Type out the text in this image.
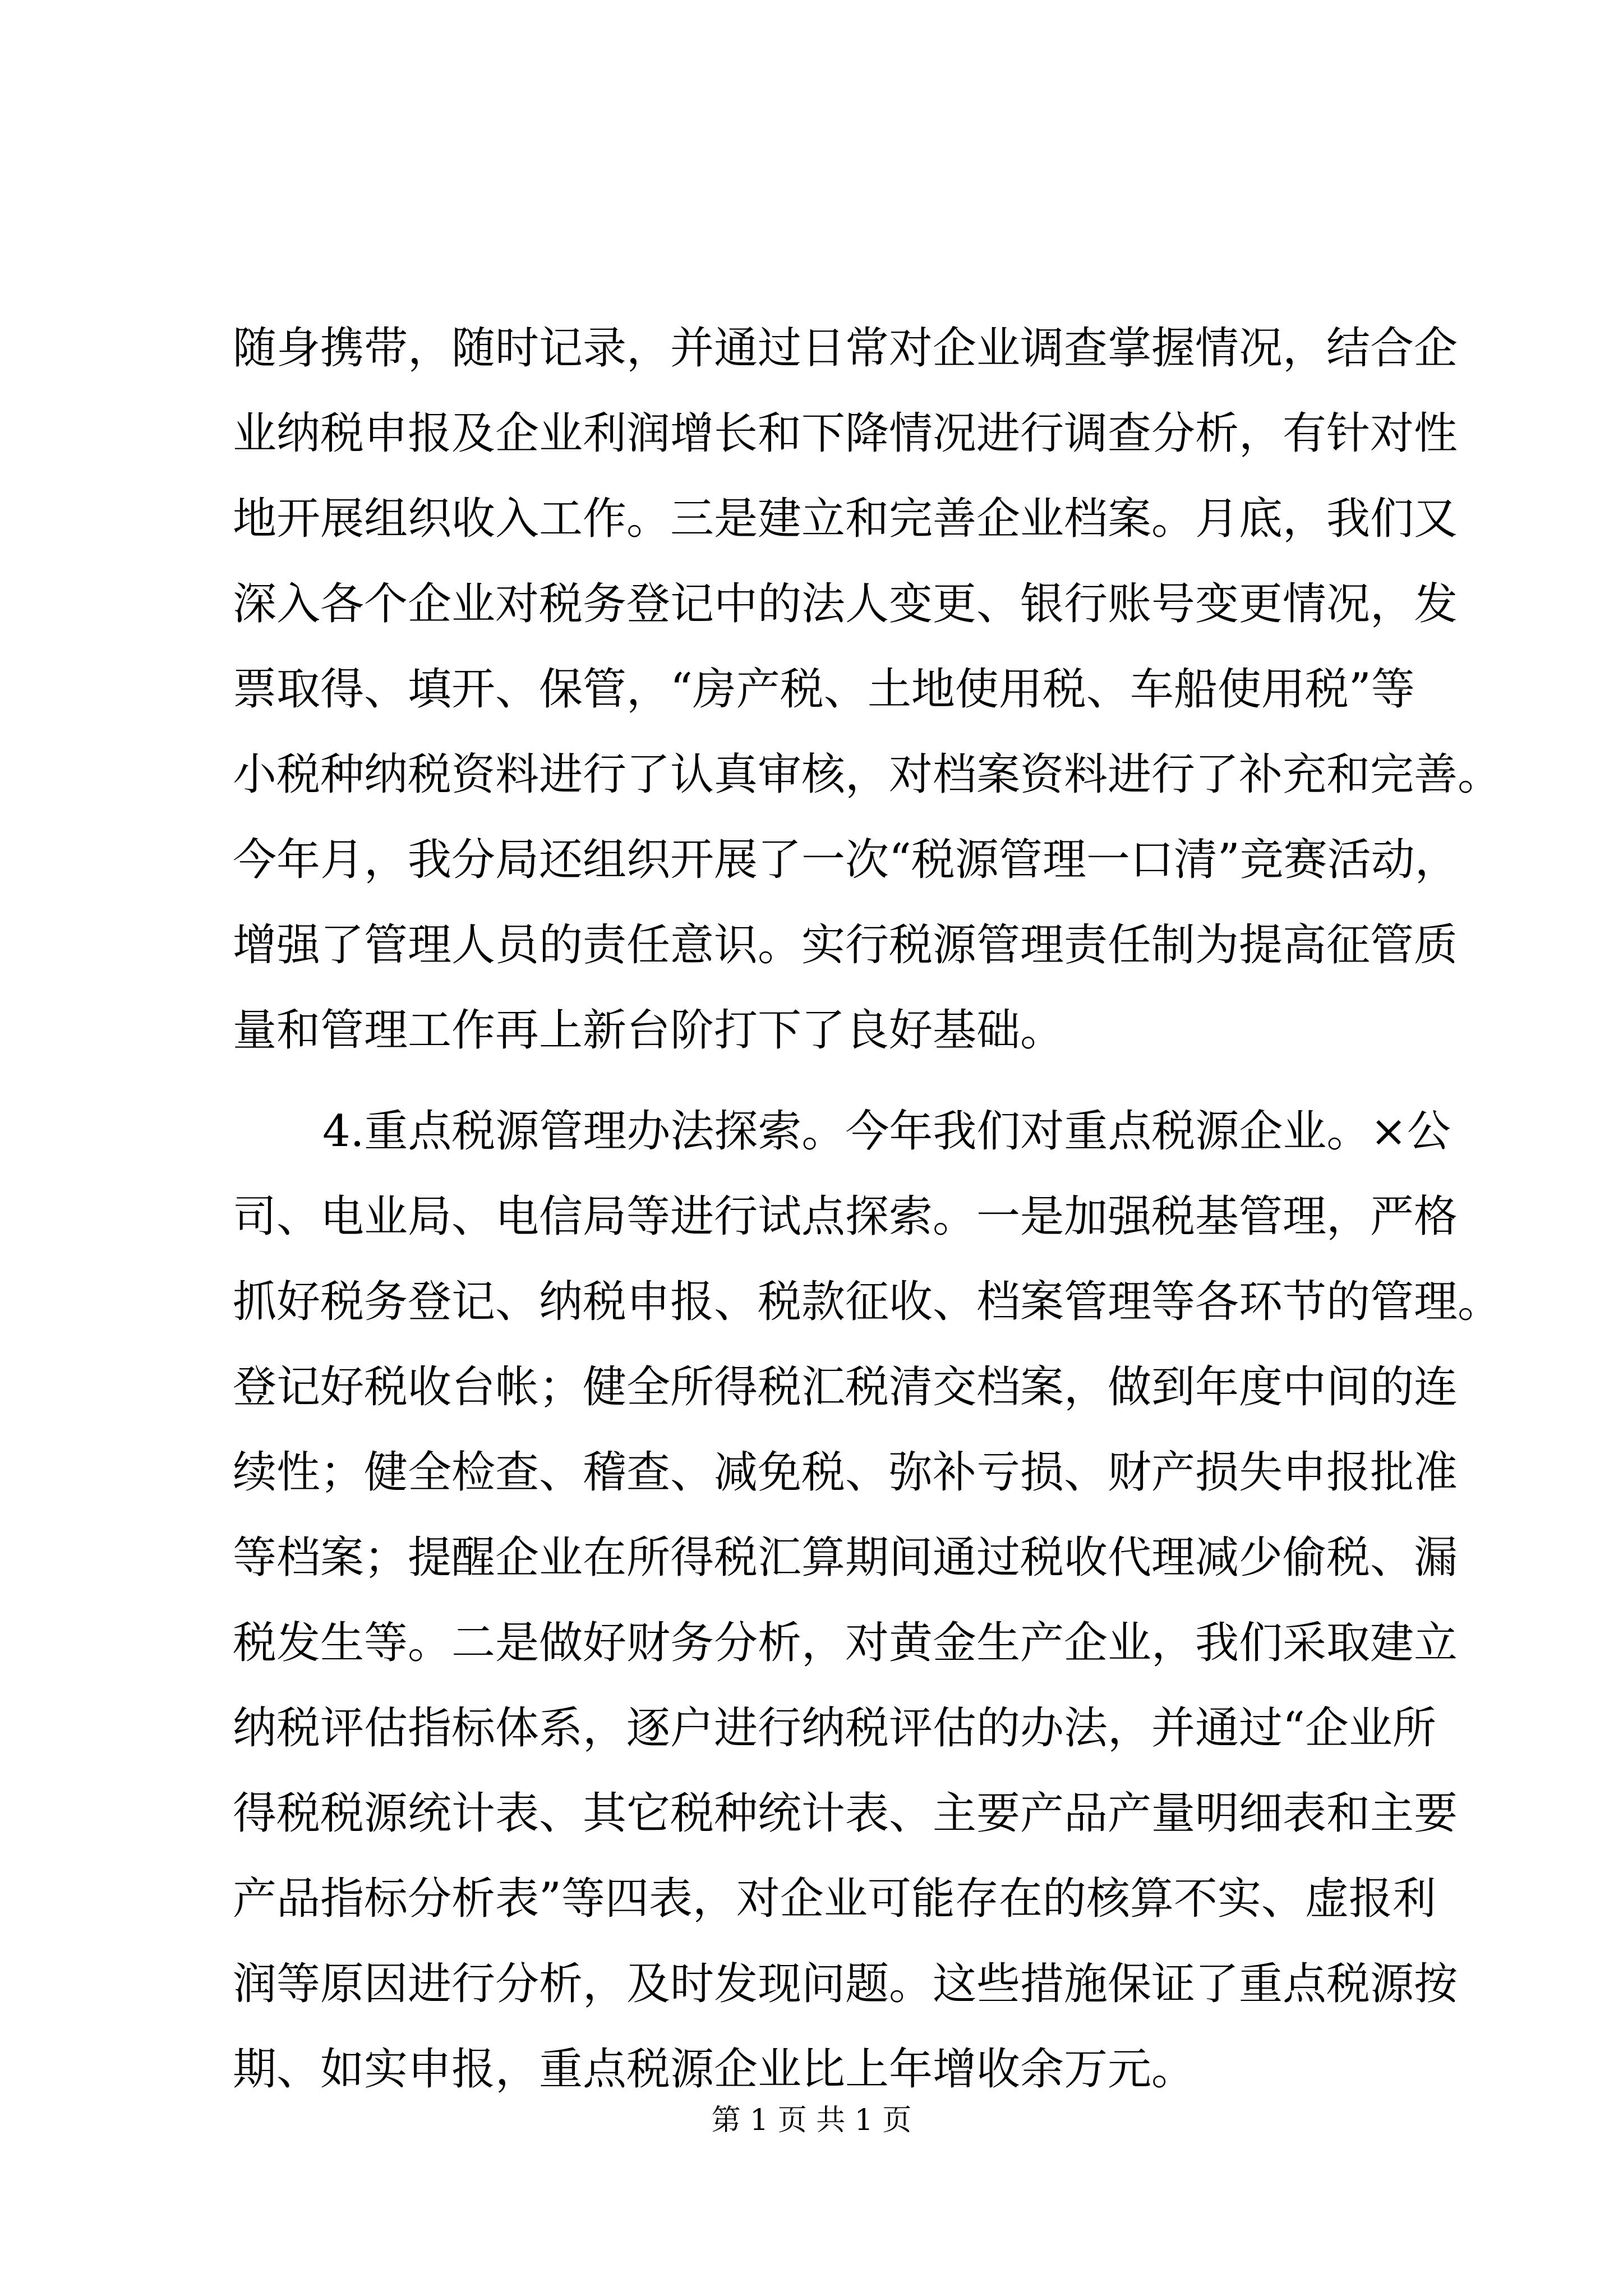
随身携带，随时记录，并通过日常对企业调查掌握情况，结合企
业纳税申报及企业利润增长和下降情况进行调查分析，有针对性
地开展组织收入工作。三是建立和完善企业档案。月底，我们又
深入各个企业对税务登记中的法人变更、银行账号变更情况，发
票取得、填开、保管，“房产税、土地使用税、车船使用税”等
小税种纳税资料进行了认真审核，对档案资料进行了补充和完善。
今年月，我分局还组织开展了一次“税源管理一口清”竞赛活动，
增强了管理人员的责任意识。实行税源管理责任制为提高征管质
量和管理工作再上新台阶打下了良好基础。
4.重点税源管理办法探索。今年我们对重点税源企业。×公
司、电业局、电信局等进行试点探索。一是加强税基管理，严格
抓好税务登记、纳税申报、税款征收、档案管理等各环节的管理。
登记好税收台帐；健全所得税汇税清交档案，做到年度中间的连
续性；健全检查、稽查、减免税、弥补亏损、财产损失申报批准
等档案；提醒企业在所得税汇算期间通过税收代理减少偷税、漏
税发生等。二是做好财务分析，对黄金生产企业，我们采取建立
纳税评估指标体系，逐户进行纳税评估的办法，并通过“企业所
得税税源统计表、其它税种统计表、主要产品产量明细表和主要
产品指标分析表”等四表，对企业可能存在的核算不实、虚报利
润等原因进行分析，及时发现问题。这些措施保证了重点税源按
期、如实申报，重点税源企业比上年增收余万元。
第 1 页 共 1 页
